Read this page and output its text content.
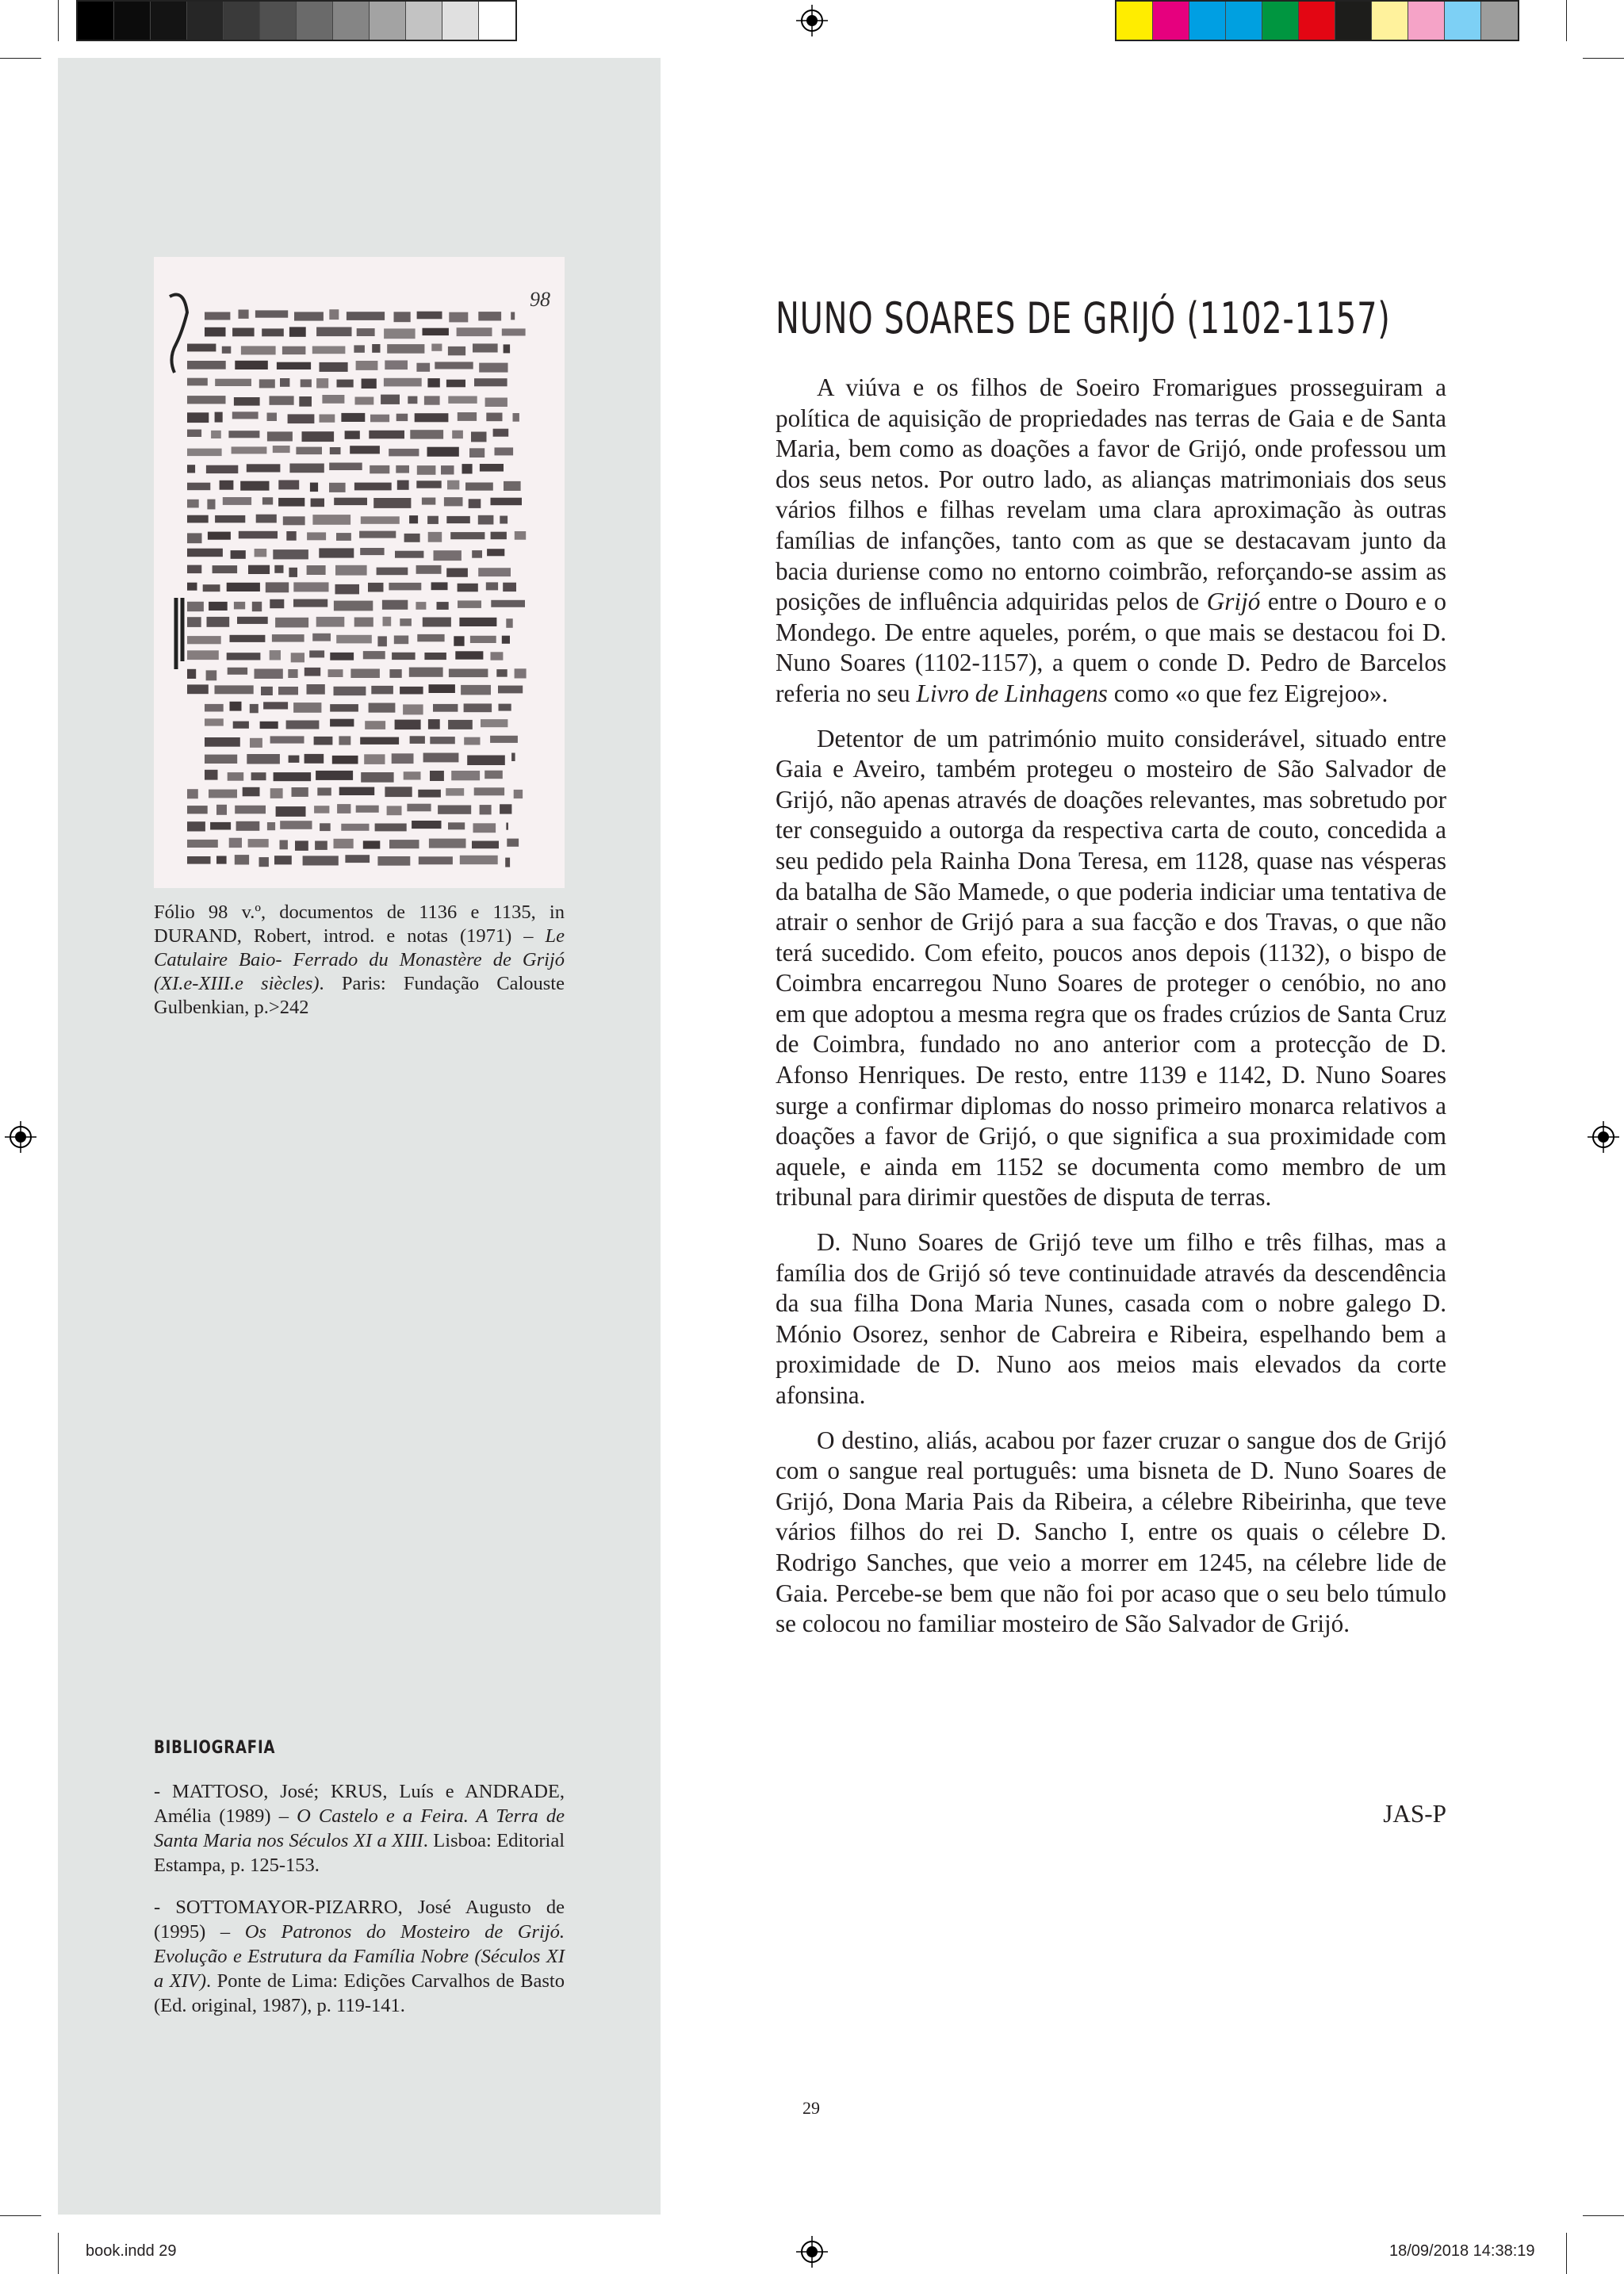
98
Fólio 98 v.º, documentos de 1136 e 1135, in DURAND, Robert, introd. e notas (1971) – Le Catulaire Baio- Ferrado du Monastère de Grijó (XI.e-XIII.e siècles). Paris: Fundação Calouste Gulbenkian, p.>242
BIBLIOGRAFIA
- MATTOSO, José; KRUS, Luís e ANDRADE, Amélia (1989) – O Castelo e a Feira. A Terra de Santa Maria nos Séculos XI a XIII. Lisboa: Editorial Estampa, p. 125-153.
- SOTTOMAYOR-PIZARRO, José Augusto de (1995) – Os Patronos do Mosteiro de Grijó. Evolução e Estrutura da Família Nobre (Séculos XI a XIV). Ponte de Lima: Edições Carvalhos de Basto (Ed. original, 1987), p. 119-141.
NUNO SOARES DE GRIJÓ (1102-1157)

A viúva e os filhos de Soeiro Fromarigues prosseguiram a política de aquisição de propriedades nas terras de Gaia e de Santa Maria, bem como as doações a favor de Grijó, onde professou um dos seus netos. Por outro lado, as alianças matrimoniais dos seus vários filhos e filhas revelam uma clara aproximação às outras famílias de infanções, tanto com as que se destacavam junto da bacia duriense como no entorno coimbrão, reforçando-se assim as posições de influência adquiridas pelos de Grijó entre o Douro e o Mondego. De entre aqueles, porém, o que mais se destacou foi D. Nuno Soares (1102-1157), a quem o conde D. Pedro de Barcelos referia no seu Livro de Linhagens como «o que fez Eigrejoo».

Detentor de um património muito considerável, situado entre Gaia e Aveiro, também protegeu o mosteiro de São Salvador de Grijó, não apenas através de doações relevantes, mas sobretudo por ter conseguido a outorga da respectiva carta de couto, concedida a seu pedido pela Rainha Dona Teresa, em 1128, quase nas vésperas da batalha de São Mamede, o que poderia indiciar uma tentativa de atrair o senhor de Grijó para a sua facção e dos Travas, o que não terá sucedido. Com efeito, poucos anos depois (1132), o bispo de Coimbra encarregou Nuno Soares de proteger o cenóbio, no ano em que adoptou a mesma regra que os frades crúzios de Santa Cruz de Coimbra, fundado no ano anterior com a protecção de D. Afonso Henriques. De resto, entre 1139 e 1142, D. Nuno Soares surge a confirmar diplomas do nosso primeiro monarca relativos a doações a favor de Grijó, o que significa a sua proximidade com aquele, e ainda em 1152 se documenta como membro de um tribunal para dirimir questões de disputa de terras.

D. Nuno Soares de Grijó teve um filho e três filhas, mas a família dos de Grijó só teve continuidade através da descendência da sua filha Dona Maria Nunes, casada com o nobre galego D. Mónio Osorez, senhor de Cabreira e Ribeira, espelhando bem a proximidade de D. Nuno aos meios mais elevados da corte afonsina.

O destino, aliás, acabou por fazer cruzar o sangue dos de Grijó com o sangue real português: uma bisneta de D. Nuno Soares de Grijó, Dona Maria Pais da Ribeira, a célebre Ribeirinha, que teve vários filhos do rei D. Sancho I, entre os quais o célebre D. Rodrigo Sanches, que veio a morrer em 1245, na célebre lide de Gaia. Percebe-se bem que não foi por acaso que o seu belo túmulo se colocou no familiar mosteiro de São Salvador de Grijó.

JAS-P
29
book.indd 29	18/09/2018 14:38:19
